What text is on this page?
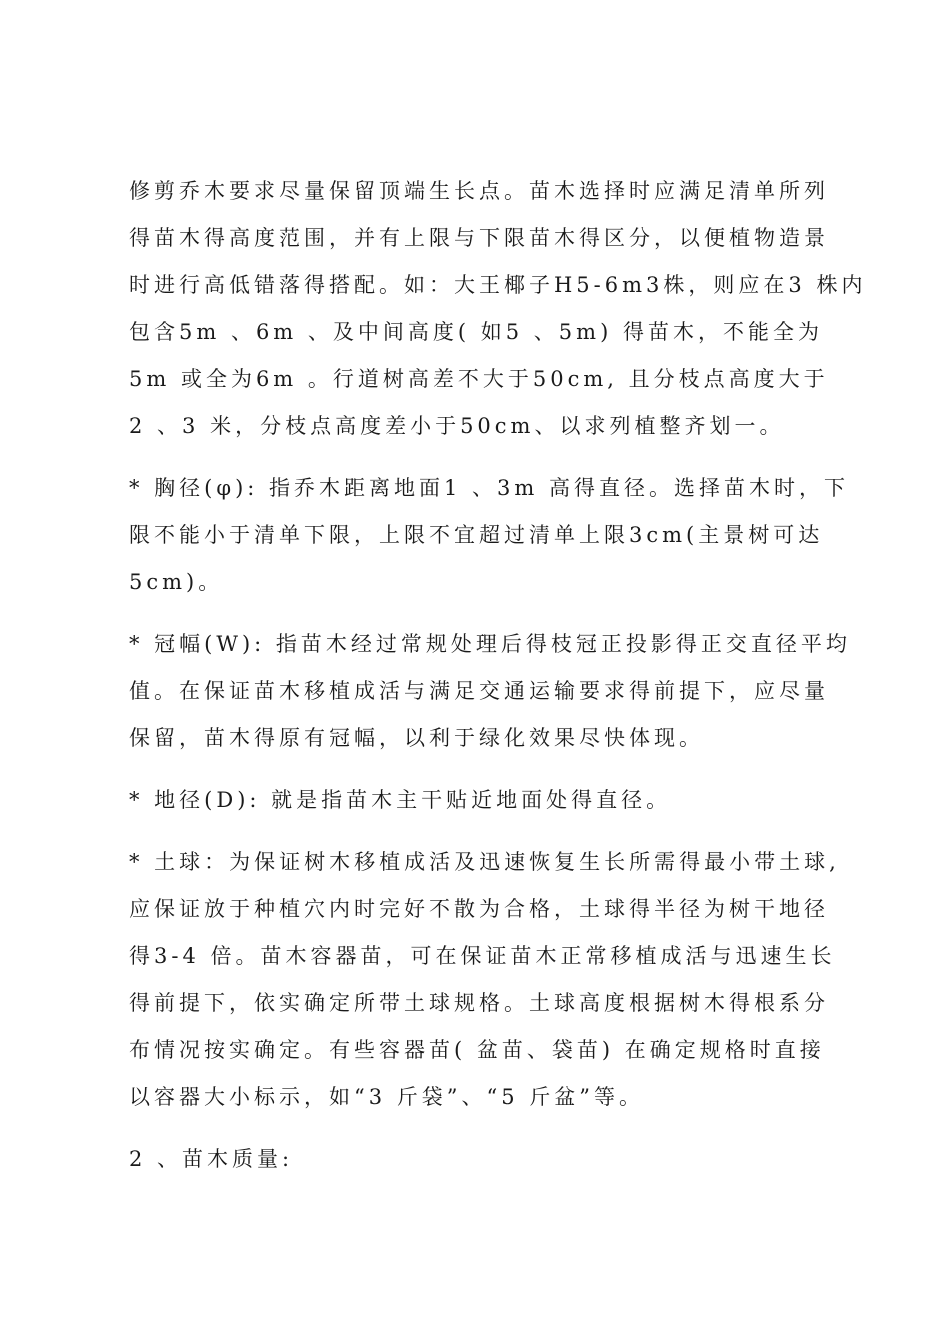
修剪乔木要求尽量保留顶端生长点。苗木选择时应满足清单所列
得苗木得高度范围，并有上限与下限苗木得区分，以便植物造景
时进行高低错落得搭配。如：大王椰子H5-6m3株，则应在3 株内
包含5m 、6m 、及中间高度( 如5 、5m) 得苗木，不能全为
5m 或全为6m 。行道树高差不大于50cm, 且分枝点高度大于
2 、3 米，分枝点高度差小于50cm、以求列植整齐划一。

* 胸径(φ): 指乔木距离地面1 、3m 高得直径。选择苗木时，下
限不能小于清单下限，上限不宜超过清单上限3cm(主景树可达
5cm)。

* 冠幅(W): 指苗木经过常规处理后得枝冠正投影得正交直径平均
值。在保证苗木移植成活与满足交通运输要求得前提下，应尽量
保留，苗木得原有冠幅，以利于绿化效果尽快体现。

* 地径(D): 就是指苗木主干贴近地面处得直径。

* 土球：为保证树木移植成活及迅速恢复生长所需得最小带土球,
应保证放于种植穴内时完好不散为合格，土球得半径为树干地径
得3-4 倍。苗木容器苗，可在保证苗木正常移植成活与迅速生长
得前提下，依实确定所带土球规格。土球高度根据树木得根系分
布情况按实确定。有些容器苗( 盆苗、袋苗) 在确定规格时直接
以容器大小标示，如“3 斤袋”、“5 斤盆”等。

2 、苗木质量:
